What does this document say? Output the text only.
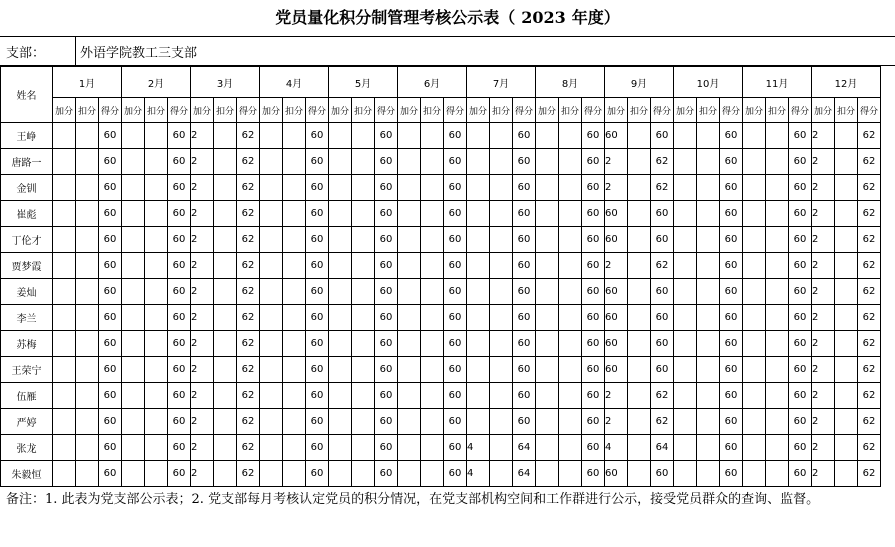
党员量化积分制管理考核公示表（ 2023 年度）
支部：	外语学院教工三支部
姓名	1月			2月			3月			4月			5月			6月			7月			8月			9月			10月			11月			12月		
	加分	扣分	得分	加分	扣分	得分	加分	扣分	得分	加分	扣分	得分	加分	扣分	得分	加分	扣分	得分	加分	扣分	得分	加分	扣分	得分	加分	扣分	得分	加分	扣分	得分	加分	扣分	得分	加分	扣分	得分
王峥			60			60	2		62			60			60			60			60			60	60		60			60			60	2		62
唐路一			60			60	2		62			60			60			60			60			60	2		62			60			60	2		62
金钏			60			60	2		62			60			60			60			60			60	2		62			60			60	2		62
崔彪			60			60	2		62			60			60			60			60			60	60		60			60			60	2		62
丁伦才			60			60	2		62			60			60			60			60			60	60		60			60			60	2		62
贾梦霞			60			60	2		62			60			60			60			60			60	2		62			60			60	2		62
姜灿			60			60	2		62			60			60			60			60			60	60		60			60			60	2		62
李兰			60			60	2		62			60			60			60			60			60	60		60			60			60	2		62
苏梅			60			60	2		62			60			60			60			60			60	60		60			60			60	2		62
王荣宁			60			60	2		62			60			60			60			60			60	60		60			60			60	2		62
伍雁			60			60	2		62			60			60			60			60			60	2		62			60			60	2		62
严婷			60			60	2		62			60			60			60			60			60	2		62			60			60	2		62
张龙			60			60	2		62			60			60			60	4		64			60	4		64			60			60	2		62
朱毅恒			60			60	2		62			60			60			60	4		64			60	60		60			60			60	2		62
备注：1. 此表为党支部公示表；2. 党支部每月考核认定党员的积分情况，在党支部机构空间和工作群进行公示，接受党员群众的查询、监督。
